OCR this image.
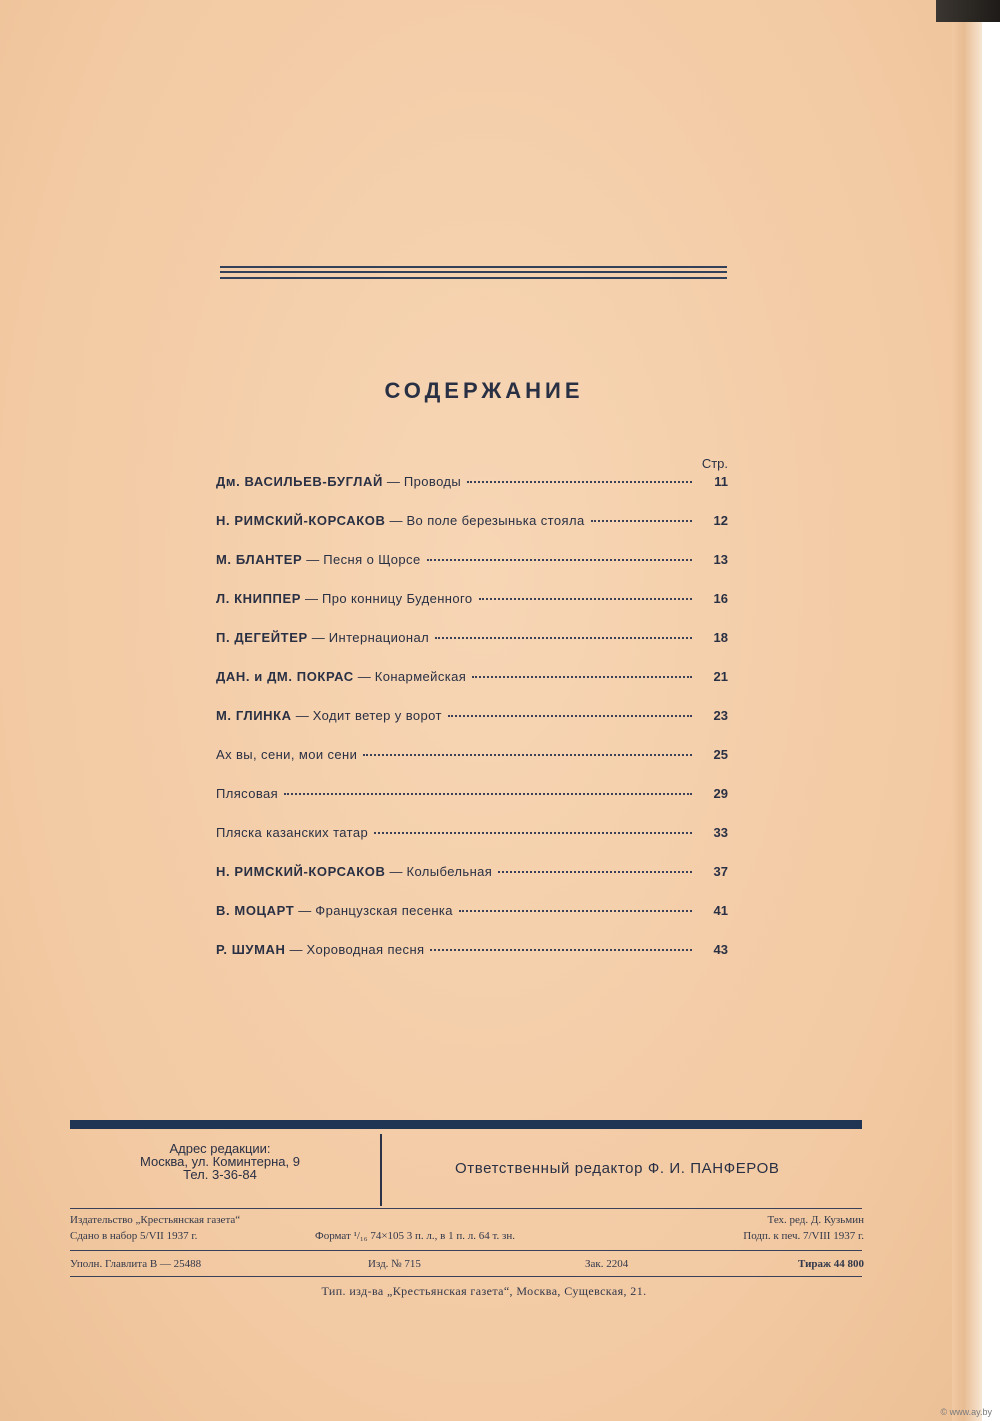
СОДЕРЖАНИЕ
Стр.
Дм. ВАСИЛЬЕВ-БУГЛАЙ — Проводы	11
Н. РИМСКИЙ-КОРСАКОВ — Во поле березынька стояла	12
М. БЛАНТЕР — Песня о Щорсе	13
Л. КНИППЕР — Про конницу Буденного	16
П. ДЕГЕЙТЕР — Интернационал	18
ДАН. и ДМ. ПОКРАС — Конармейская	21
М. ГЛИНКА — Ходит ветер у ворот	23
Ах вы, сени, мои сени	25
Плясовая	29
Пляска казанских татар	33
Н. РИМСКИЙ-КОРСАКОВ — Колыбельная	37
В. МОЦАРТ — Французская песенка	41
Р. ШУМАН — Хороводная песня	43
Адрес редакции:
Москва, ул. Коминтерна, 9
Тел. 3-36-84	Ответственный редактор Ф. И. ПАНФЕРОВ
Издательство „Крестьянская газета“	Тех. ред. Д. Кузьмин
Сдано в набор 5/VII 1937 г.	Формат ¹/₁₆ 74×105 3 п. л., в 1 п. л. 64 т. зн.	Подп. к печ. 7/VIII 1937 г.
Уполн. Главлита В — 25488	Изд. № 715	Зак. 2204	Тираж 44 800
Тип. изд-ва „Крестьянская газета“, Москва, Сущевская, 21.
© www.ay.by
